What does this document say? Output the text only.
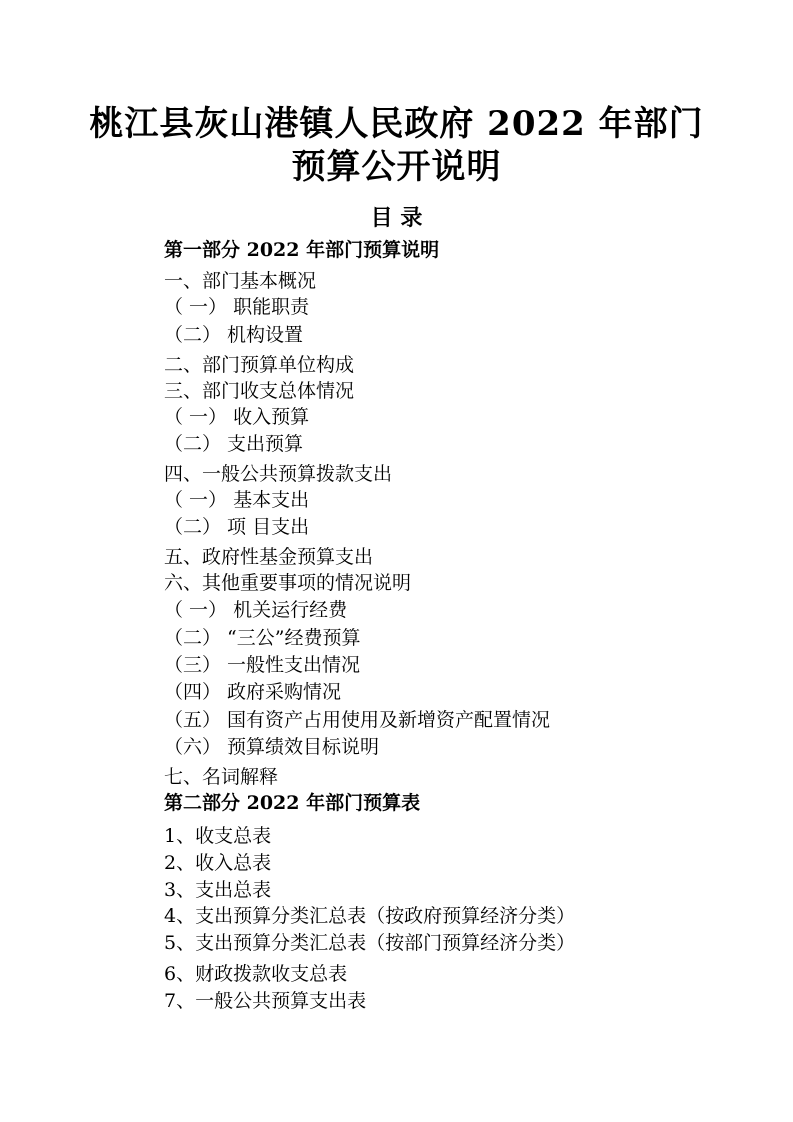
桃江县灰山港镇人民政府 2022 年部门
预算公开说明
目 录
第一部分 2022 年部门预算说明
一、部门基本概况
（ 一） 职能职责
（二） 机构设置
二、部门预算单位构成
三、部门收支总体情况
（ 一） 收入预算
（二） 支出预算
四、一般公共预算拨款支出
（ 一） 基本支出
（二） 项 目支出
五、政府性基金预算支出
六、其他重要事项的情况说明
（ 一） 机关运行经费
（二） “三公”经费预算
（三） 一般性支出情况
（四） 政府采购情况
（五） 国有资产占用使用及新增资产配置情况
（六） 预算绩效目标说明
七、名词解释
第二部分 2022 年部门预算表
1、收支总表
2、收入总表
3、支出总表
4、支出预算分类汇总表（按政府预算经济分类）
5、支出预算分类汇总表（按部门预算经济分类）
6、财政拨款收支总表
7、一般公共预算支出表
